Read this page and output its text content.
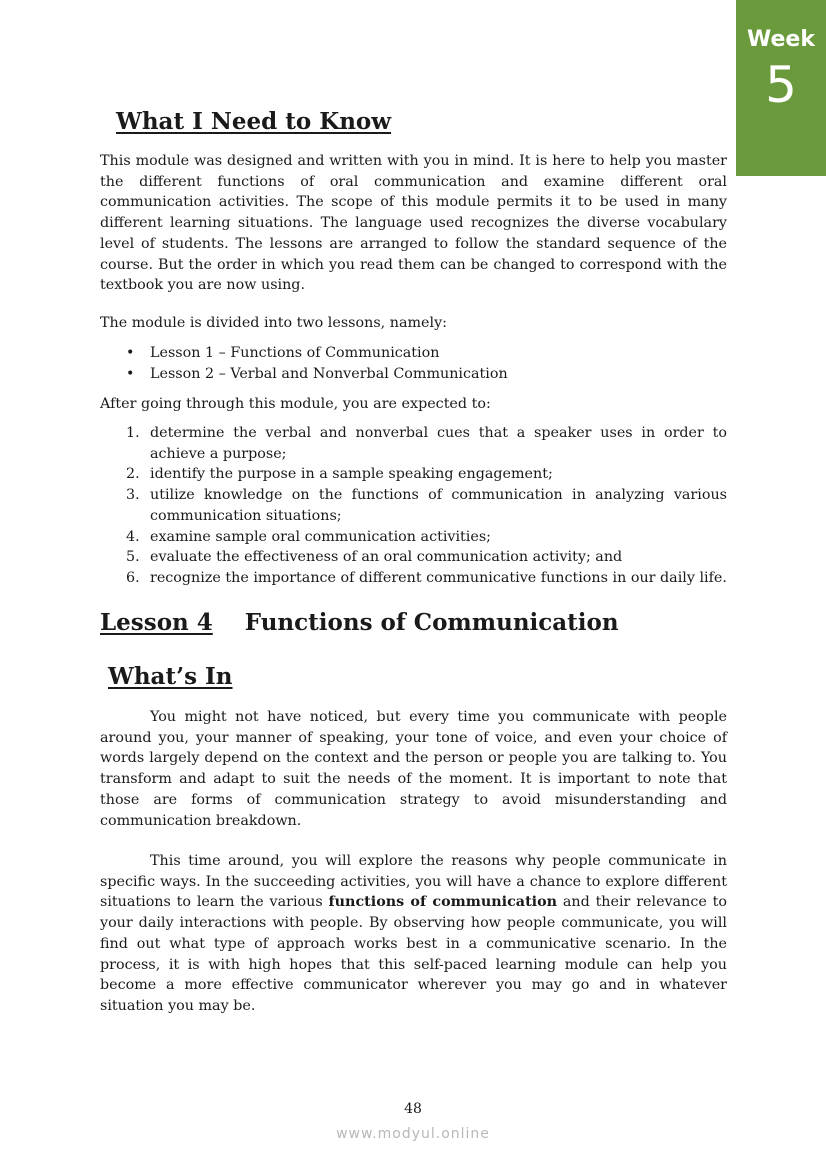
Week
5
What I Need to Know

This module was designed and written with you in mind. It is here to help you master the different functions of oral communication and examine different oral communication activities. The scope of this module permits it to be used in many different learning situations. The language used recognizes the diverse vocabulary level of students. The lessons are arranged to follow the standard sequence of the course. But the order in which you read them can be changed to correspond with the textbook you are now using.

The module is divided into two lessons, namely:

• Lesson 1 – Functions of Communication
• Lesson 2 – Verbal and Nonverbal Communication

After going through this module, you are expected to:

1. determine the verbal and nonverbal cues that a speaker uses in order to achieve a purpose;
2. identify the purpose in a sample speaking engagement;
3. utilize knowledge on the functions of communication in analyzing various communication situations;
4. examine sample oral communication activities;
5. evaluate the effectiveness of an oral communication activity; and
6. recognize the importance of different communicative functions in our daily life.
Lesson 4 Functions of Communication
What’s In

You might not have noticed, but every time you communicate with people around you, your manner of speaking, your tone of voice, and even your choice of words largely depend on the context and the person or people you are talking to. You transform and adapt to suit the needs of the moment. It is important to note that those are forms of communication strategy to avoid misunderstanding and communication breakdown.

This time around, you will explore the reasons why people communicate in specific ways. In the succeeding activities, you will have a chance to explore different situations to learn the various functions of communication and their relevance to your daily interactions with people. By observing how people communicate, you will find out what type of approach works best in a communicative scenario. In the process, it is with high hopes that this self-paced learning module can help you become a more effective communicator wherever you may go and in whatever situation you may be.

48
www.modyul.online
